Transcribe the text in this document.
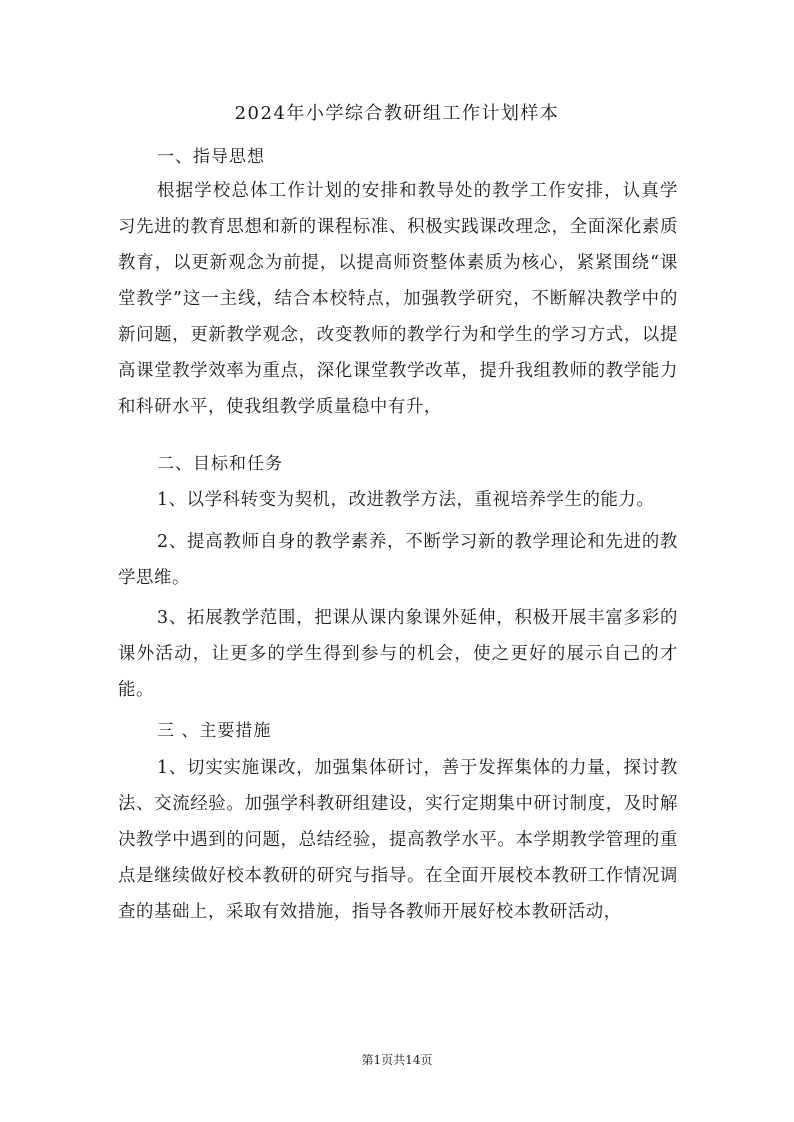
2024年小学综合教研组工作计划样本
一、指导思想
根据学校总体工作计划的安排和教导处的教学工作安排，认真学习先进的教育思想和新的课程标准、积极实践课改理念，全面深化素质教育，以更新观念为前提，以提高师资整体素质为核心，紧紧围绕“课堂教学”这一主线，结合本校特点，加强教学研究，不断解决教学中的新问题，更新教学观念，改变教师的教学行为和学生的学习方式，以提高课堂教学效率为重点，深化课堂教学改革，提升我组教师的教学能力和科研水平，使我组教学质量稳中有升，
二、目标和任务
1、以学科转变为契机，改进教学方法，重视培养学生的能力。
2、提高教师自身的教学素养，不断学习新的教学理论和先进的教学思维。
3、拓展教学范围，把课从课内象课外延伸，积极开展丰富多彩的课外活动，让更多的学生得到参与的机会，使之更好的展示自己的才能。
三 、主要措施
1、切实实施课改，加强集体研讨，善于发挥集体的力量，探讨教法、交流经验。加强学科教研组建设，实行定期集中研讨制度，及时解决教学中遇到的问题，总结经验，提高教学水平。本学期教学管理的重点是继续做好校本教研的研究与指导。在全面开展校本教研工作情况调查的基础上，采取有效措施，指导各教师开展好校本教研活动，
第1页共14页
